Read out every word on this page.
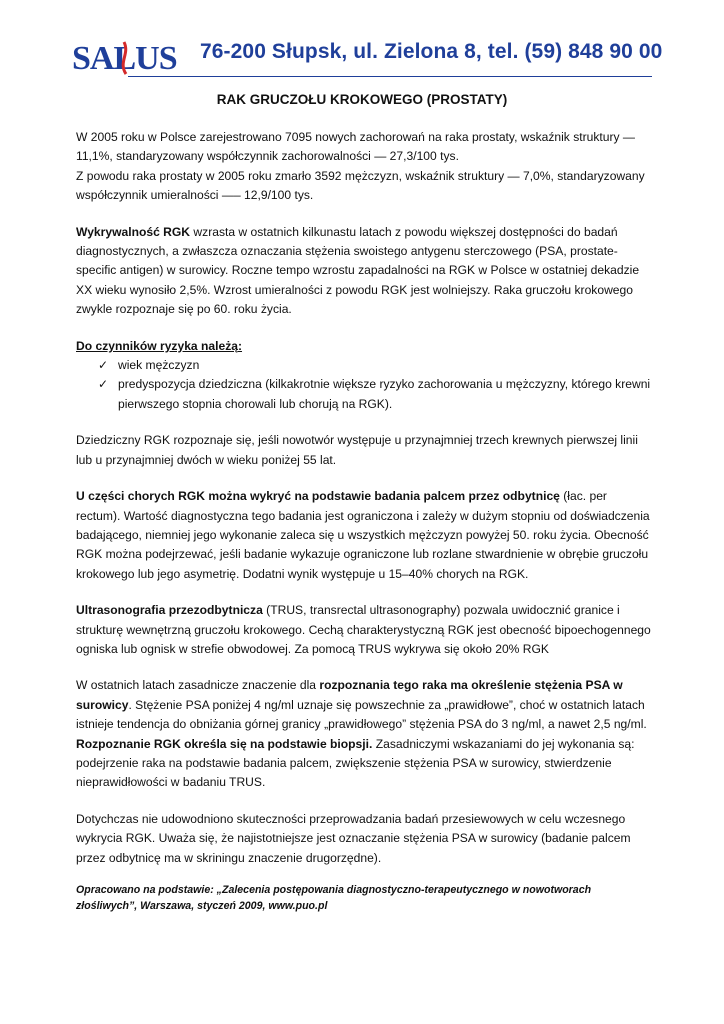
SALUS 76-200 Słupsk, ul. Zielona 8, tel. (59) 848 90 00
RAK GRUCZOŁU KROKOWEGO (PROSTATY)

W 2005 roku w Polsce zarejestrowano 7095 nowych zachorowań na raka prostaty, wskaźnik struktury — 11,1%, standaryzowany współczynnik zachorowalności — 27,3/100 tys.
Z powodu raka prostaty w 2005 roku zmarło 3592 mężczyzn, wskaźnik struktury — 7,0%, standaryzowany współczynnik umieralności —– 12,9/100 tys.

Wykrywalność RGK wzrasta w ostatnich kilkunastu latach z powodu większej dostępności do badań diagnostycznych, a zwłaszcza oznaczania stężenia swoistego antygenu sterczowego (PSA, prostate-specific antigen) w surowicy. Roczne tempo wzrostu zapadalności na RGK w Polsce w ostatniej dekadzie XX wieku wynosiło 2,5%. Wzrost umieralności z powodu RGK jest wolniejszy. Raka gruczołu krokowego zwykle rozpoznaje się po 60. roku życia.

Do czynników ryzyka należą:

✓ wiek mężczyzn
✓ predyspozycja dziedziczna (kilkakrotnie większe ryzyko zachorowania u mężczyzny, którego krewni pierwszego stopnia chorowali lub chorują na RGK).

Dziedziczny RGK rozpoznaje się, jeśli nowotwór występuje u przynajmniej trzech krewnych pierwszej linii lub u przynajmniej dwóch w wieku poniżej 55 lat.

U części chorych RGK można wykryć na podstawie badania palcem przez odbytnicę (łac. per rectum). Wartość diagnostyczna tego badania jest ograniczona i zależy w dużym stopniu od doświadczenia badającego, niemniej jego wykonanie zaleca się u wszystkich mężczyzn powyżej 50. roku życia. Obecność RGK można podejrzewać, jeśli badanie wykazuje ograniczone lub rozlane stwardnienie w obrębie gruczołu krokowego lub jego asymetrię. Dodatni wynik występuje u 15–40% chorych na RGK.

Ultrasonografia przezodbytnicza (TRUS, transrectal ultrasonography) pozwala uwidocznić granice i strukturę wewnętrzną gruczołu krokowego. Cechą charakterystyczną RGK jest obecność bipoechogennego ogniska lub ognisk w strefie obwodowej. Za pomocą TRUS wykrywa się około 20% RGK

W ostatnich latach zasadnicze znaczenie dla rozpoznania tego raka ma określenie stężenia PSA w surowicy. Stężenie PSA poniżej 4 ng/ml uznaje się powszechnie za „prawidłowe”, choć w ostatnich latach istnieje tendencja do obniżania górnej granicy „prawidłowego” stężenia PSA do 3 ng/ml, a nawet 2,5 ng/ml.

Rozpoznanie RGK określa się na podstawie biopsji. Zasadniczymi wskazaniami do jej wykonania są: podejrzenie raka na podstawie badania palcem, zwiększenie stężenia PSA w surowicy, stwierdzenie nieprawidłowości w badaniu TRUS.

Dotychczas nie udowodniono skuteczności przeprowadzania badań przesiewowych w celu wczesnego wykrycia RGK. Uważa się, że najistotniejsze jest oznaczanie stężenia PSA w surowicy (badanie palcem przez odbytnicę ma w skriningu znaczenie drugorzędne).

Opracowano na podstawie: „Zalecenia postępowania diagnostyczno-terapeutycznego w nowotworach złośliwych”, Warszawa, styczeń 2009, www.puo.pl
